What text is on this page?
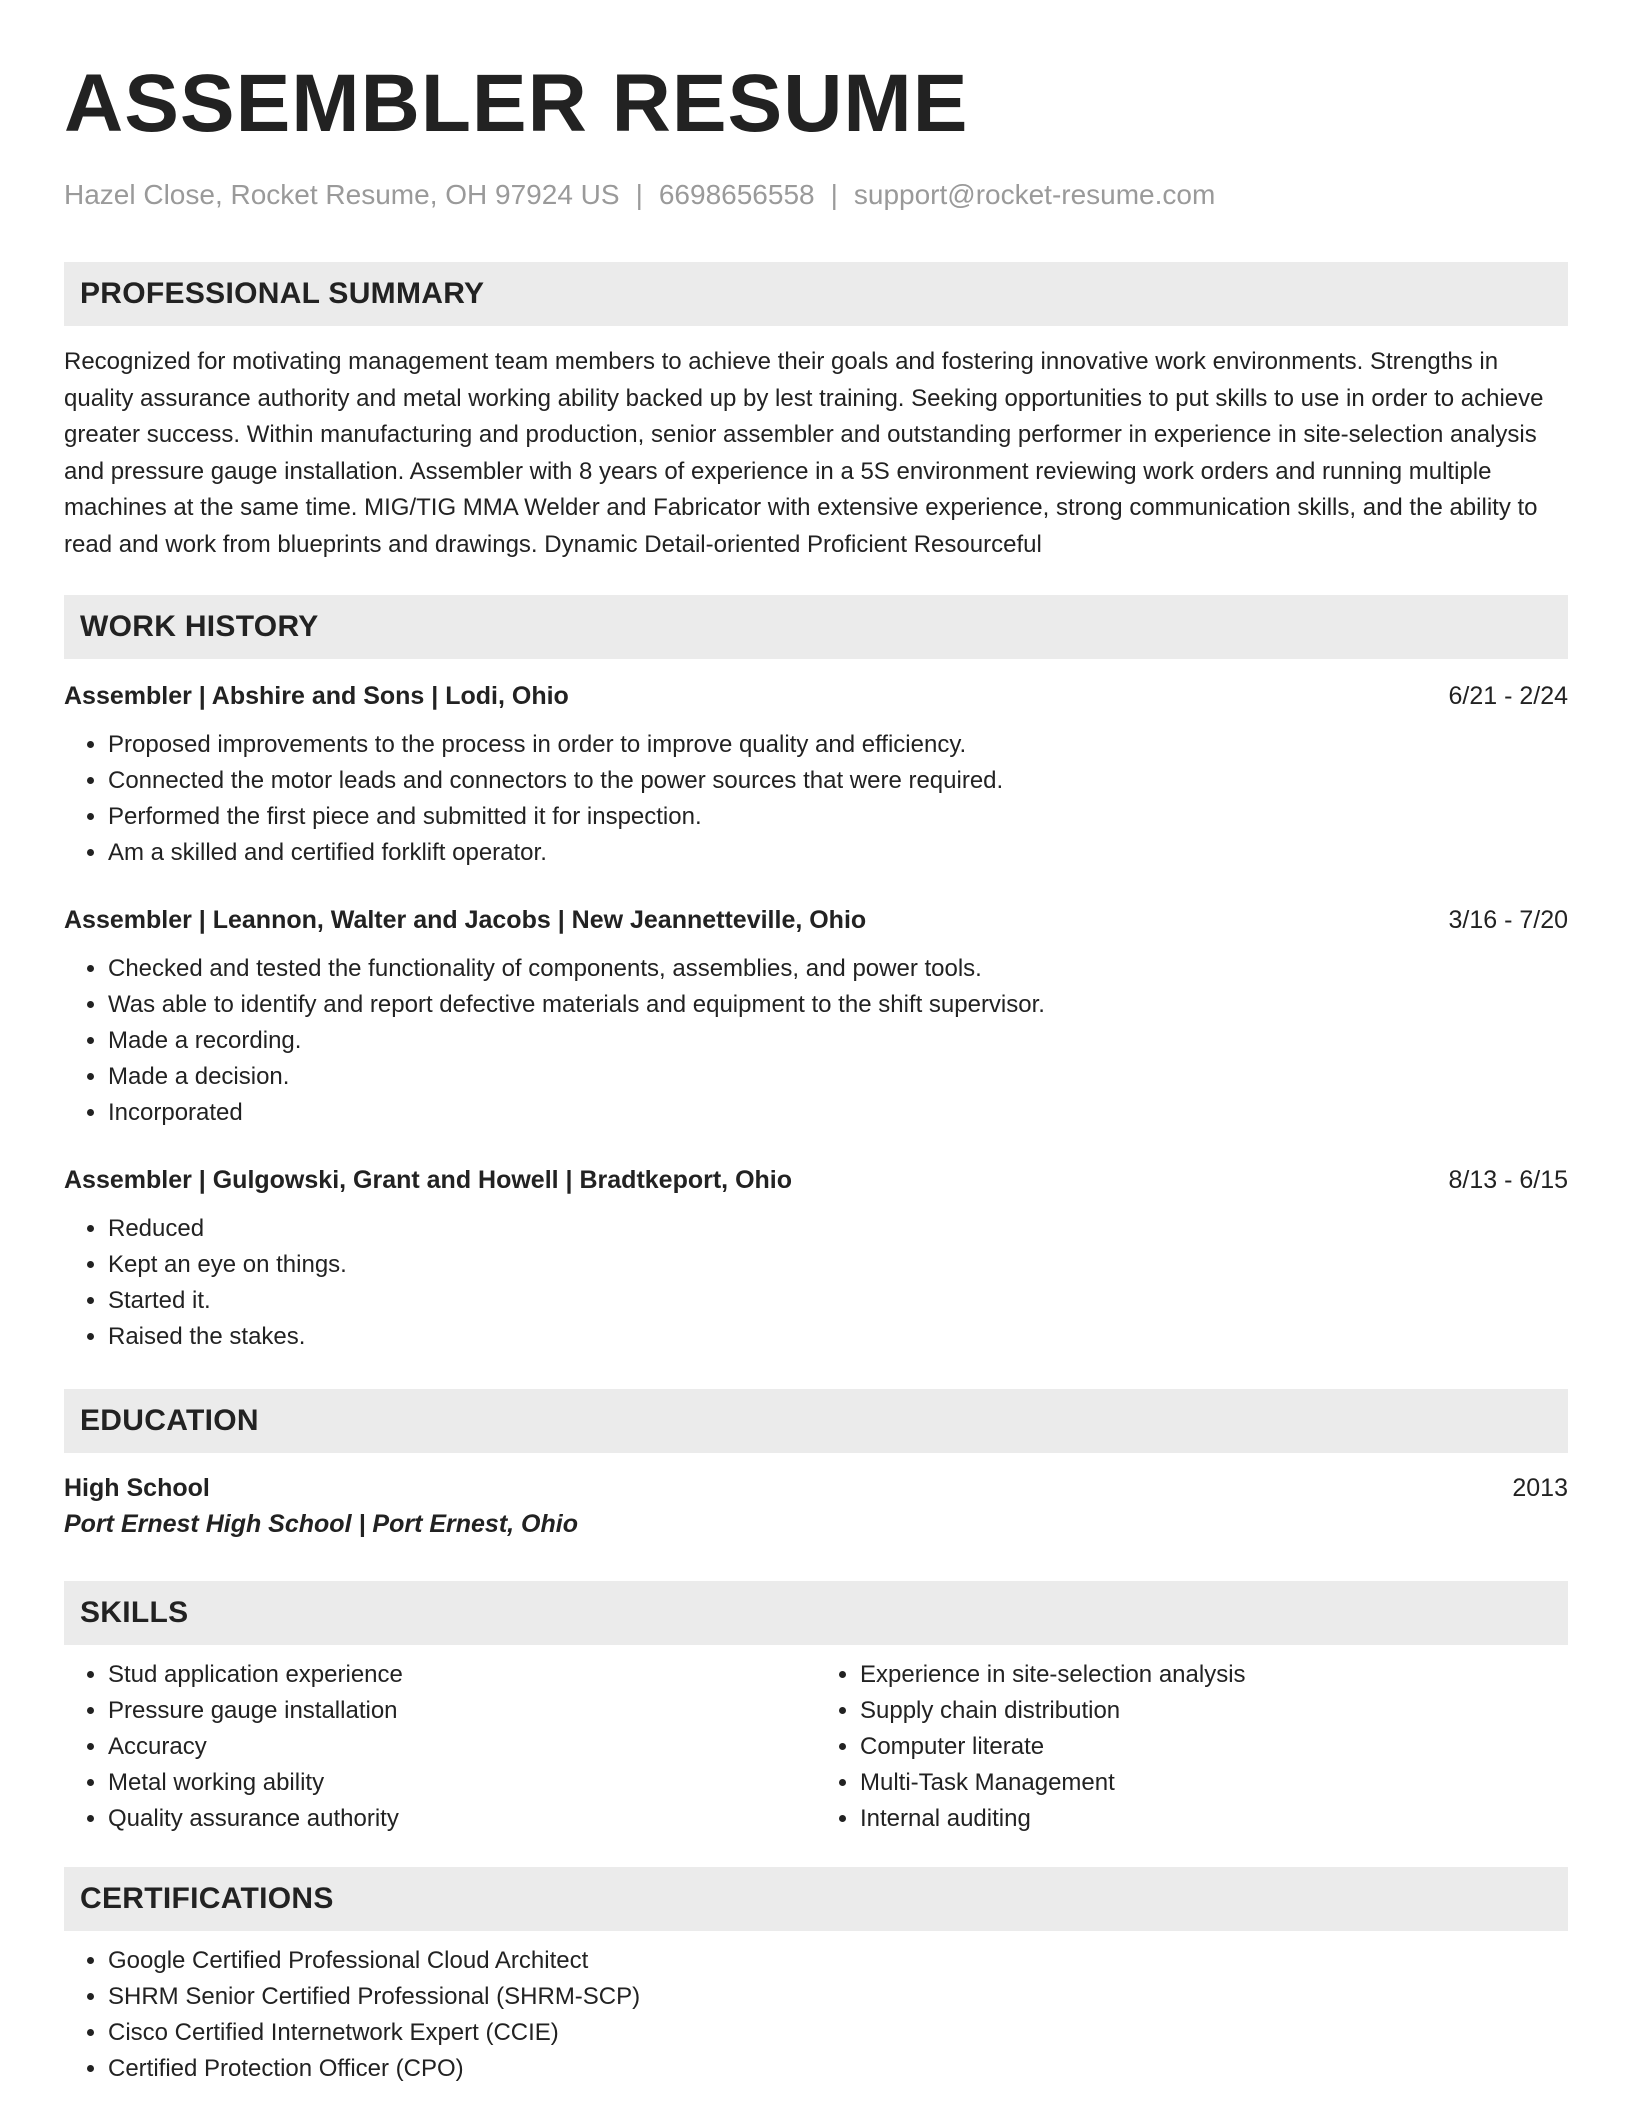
ASSEMBLER RESUME
Hazel Close, Rocket Resume, OH 97924 US | 6698656558 | support@rocket-resume.com
PROFESSIONAL SUMMARY
Recognized for motivating management team members to achieve their goals and fostering innovative work environments. Strengths in quality assurance authority and metal working ability backed up by lest training. Seeking opportunities to put skills to use in order to achieve greater success. Within manufacturing and production, senior assembler and outstanding performer in experience in site-selection analysis and pressure gauge installation. Assembler with 8 years of experience in a 5S environment reviewing work orders and running multiple machines at the same time. MIG/TIG MMA Welder and Fabricator with extensive experience, strong communication skills, and the ability to read and work from blueprints and drawings. Dynamic Detail-oriented Proficient Resourceful
WORK HISTORY
Assembler | Abshire and Sons | Lodi, Ohio	6/21 - 2/24
• Proposed improvements to the process in order to improve quality and efficiency.
• Connected the motor leads and connectors to the power sources that were required.
• Performed the first piece and submitted it for inspection.
• Am a skilled and certified forklift operator.
Assembler | Leannon, Walter and Jacobs | New Jeannetteville, Ohio	3/16 - 7/20
• Checked and tested the functionality of components, assemblies, and power tools.
• Was able to identify and report defective materials and equipment to the shift supervisor.
• Made a recording.
• Made a decision.
• Incorporated
Assembler | Gulgowski, Grant and Howell | Bradtkeport, Ohio	8/13 - 6/15
• Reduced
• Kept an eye on things.
• Started it.
• Raised the stakes.
EDUCATION
High School	2013
Port Ernest High School | Port Ernest, Ohio
SKILLS
• Stud application experience
• Pressure gauge installation
• Accuracy
• Metal working ability
• Quality assurance authority
• Experience in site-selection analysis
• Supply chain distribution
• Computer literate
• Multi-Task Management
• Internal auditing
CERTIFICATIONS
• Google Certified Professional Cloud Architect
• SHRM Senior Certified Professional (SHRM-SCP)
• Cisco Certified Internetwork Expert (CCIE)
• Certified Protection Officer (CPO)
